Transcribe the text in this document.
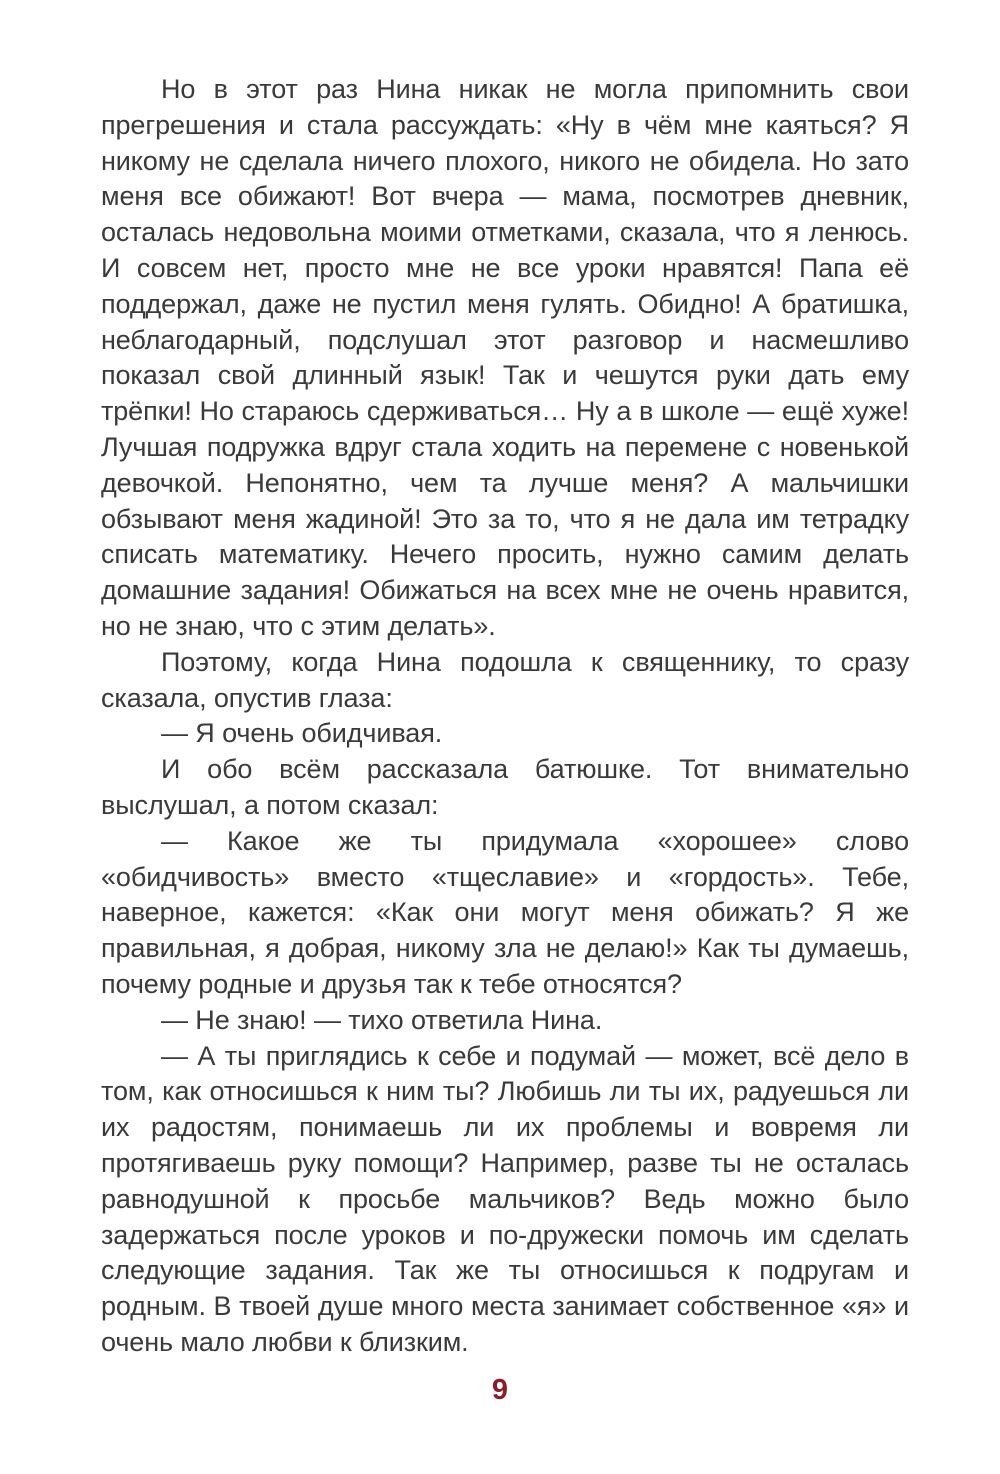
Но в этот раз Нина никак не могла припомнить свои прегрешения и стала рассуждать: «Ну в чём мне каяться? Я никому не сделала ничего плохого, никого не обидела. Но зато меня все обижают! Вот вчера — мама, посмотрев дневник, осталась недовольна моими отметками, сказала, что я ленюсь. И совсем нет, просто мне не все уроки нравятся! Папа её поддержал, даже не пустил меня гулять. Обидно! А братишка, неблагодарный, подслушал этот разговор и насмешливо показал свой длинный язык! Так и чешутся руки дать ему трёпки! Но стараюсь сдерживаться… Ну а в школе — ещё хуже! Лучшая подружка вдруг стала ходить на перемене с новенькой девочкой. Непонятно, чем та лучше меня? А мальчишки обзывают меня жадиной! Это за то, что я не дала им тетрадку списать математику. Нечего просить, нужно самим делать домашние задания! Обижаться на всех мне не очень нравится, но не знаю, что с этим делать».

Поэтому, когда Нина подошла к священнику, то сразу сказала, опустив глаза:

— Я очень обидчивая.

И обо всём рассказала батюшке. Тот внимательно выслушал, а потом сказал:

— Какое же ты придумала «хорошее» слово «обидчивость» вместо «тщеславие» и «гордость». Тебе, наверное, кажется: «Как они могут меня обижать? Я же правильная, я добрая, никому зла не делаю!» Как ты думаешь, почему родные и друзья так к тебе относятся?

— Не знаю! — тихо ответила Нина.

— А ты приглядись к себе и подумай — может, всё дело в том, как относишься к ним ты? Любишь ли ты их, радуешься ли их радостям, понимаешь ли их проблемы и вовремя ли протягиваешь руку помощи? Например, разве ты не осталась равнодушной к просьбе мальчиков? Ведь можно было задержаться после уроков и по-дружески помочь им сделать следующие задания. Так же ты относишься к подругам и родным. В твоей душе много места занимает собственное «я» и очень мало любви к близким.

9
